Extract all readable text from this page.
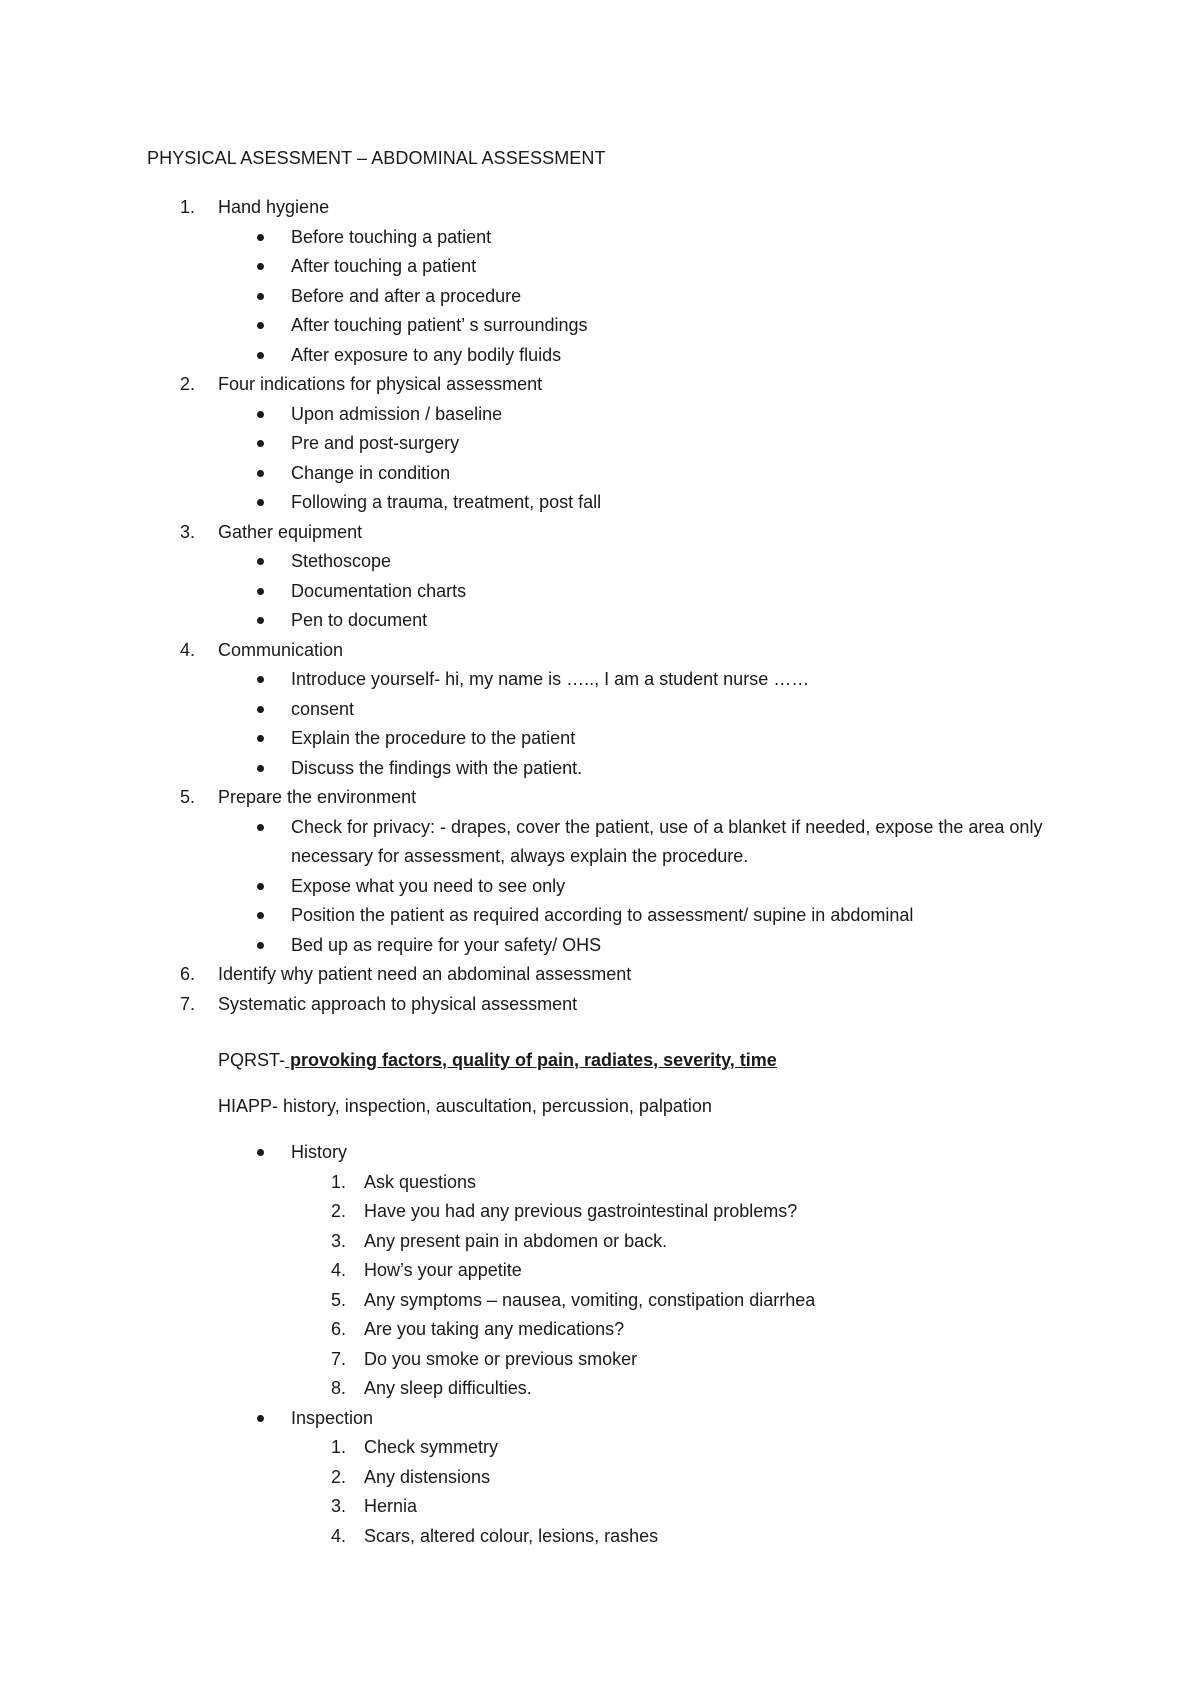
PHYSICAL ASESSMENT – ABDOMINAL ASSESSMENT
1.	Hand hygiene
Before touching a patient
After touching a patient
Before and after a procedure
After touching patient’ s surroundings
After exposure to any bodily fluids
2.	Four indications for physical assessment
Upon admission / baseline
Pre and post-surgery
Change in condition
Following a trauma, treatment, post fall
3.	Gather equipment
Stethoscope
Documentation charts
Pen to document
4.	Communication
Introduce yourself- hi, my name is ….., I am a student nurse ……
consent
Explain the procedure to the patient
Discuss the findings with the patient.
5.	Prepare the environment
Check for privacy: - drapes, cover the patient, use of a blanket if needed, expose the area only necessary for assessment, always explain the procedure.
Expose what you need to see only
Position the patient as required according to assessment/ supine in abdominal
Bed up as require for your safety/ OHS
6.	Identify why patient need an abdominal assessment
7.	Systematic approach to physical assessment
PQRST- provoking factors, quality of pain, radiates, severity, time
HIAPP- history, inspection, auscultation, percussion, palpation
History
1. Ask questions
2. Have you had any previous gastrointestinal problems?
3. Any present pain in abdomen or back.
4. How’s your appetite
5. Any symptoms – nausea, vomiting, constipation diarrhea
6. Are you taking any medications?
7. Do you smoke or previous smoker
8. Any sleep difficulties.
Inspection
1. Check symmetry
2. Any distensions
3. Hernia
4. Scars, altered colour, lesions, rashes
